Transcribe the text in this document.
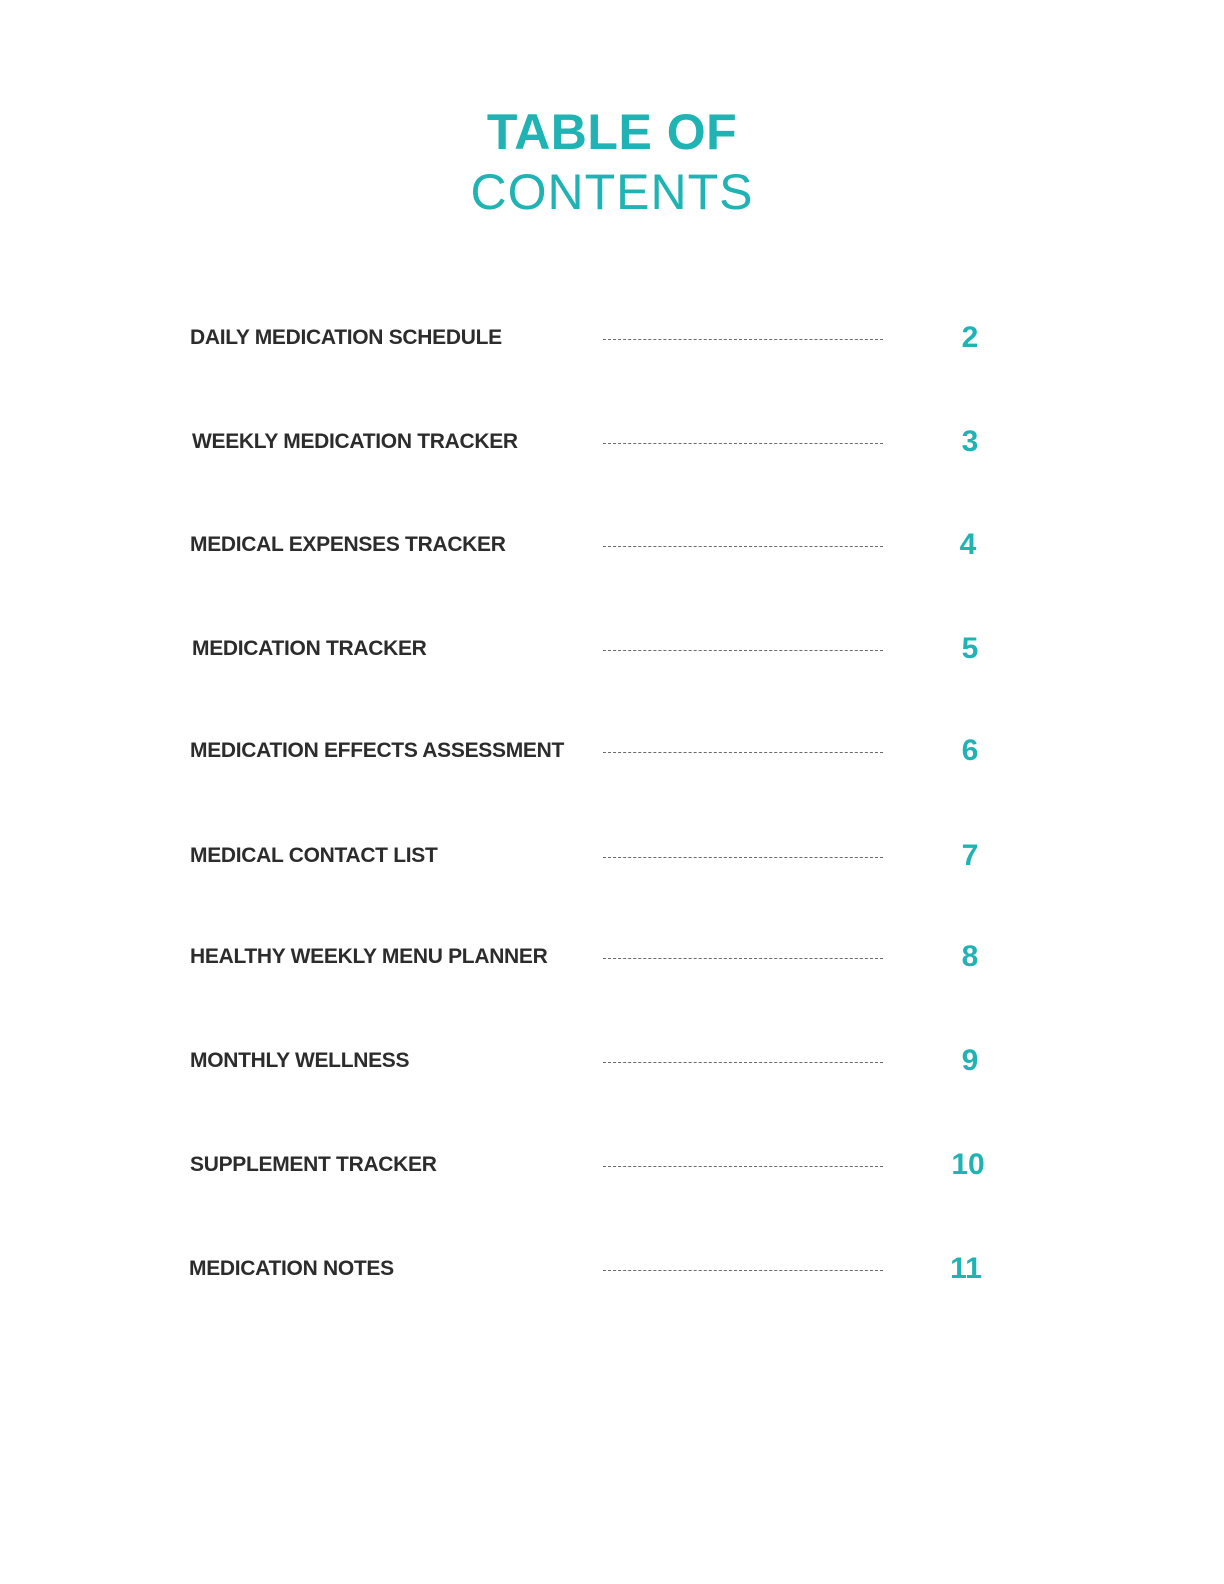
TABLE OF
CONTENTS
DAILY MEDICATION SCHEDULE	2
WEEKLY MEDICATION TRACKER	3
MEDICAL EXPENSES TRACKER	4
MEDICATION TRACKER	5
MEDICATION EFFECTS ASSESSMENT	6
MEDICAL CONTACT LIST	7
HEALTHY WEEKLY MENU PLANNER	8
MONTHLY WELLNESS	9
SUPPLEMENT TRACKER	10
MEDICATION NOTES	11
